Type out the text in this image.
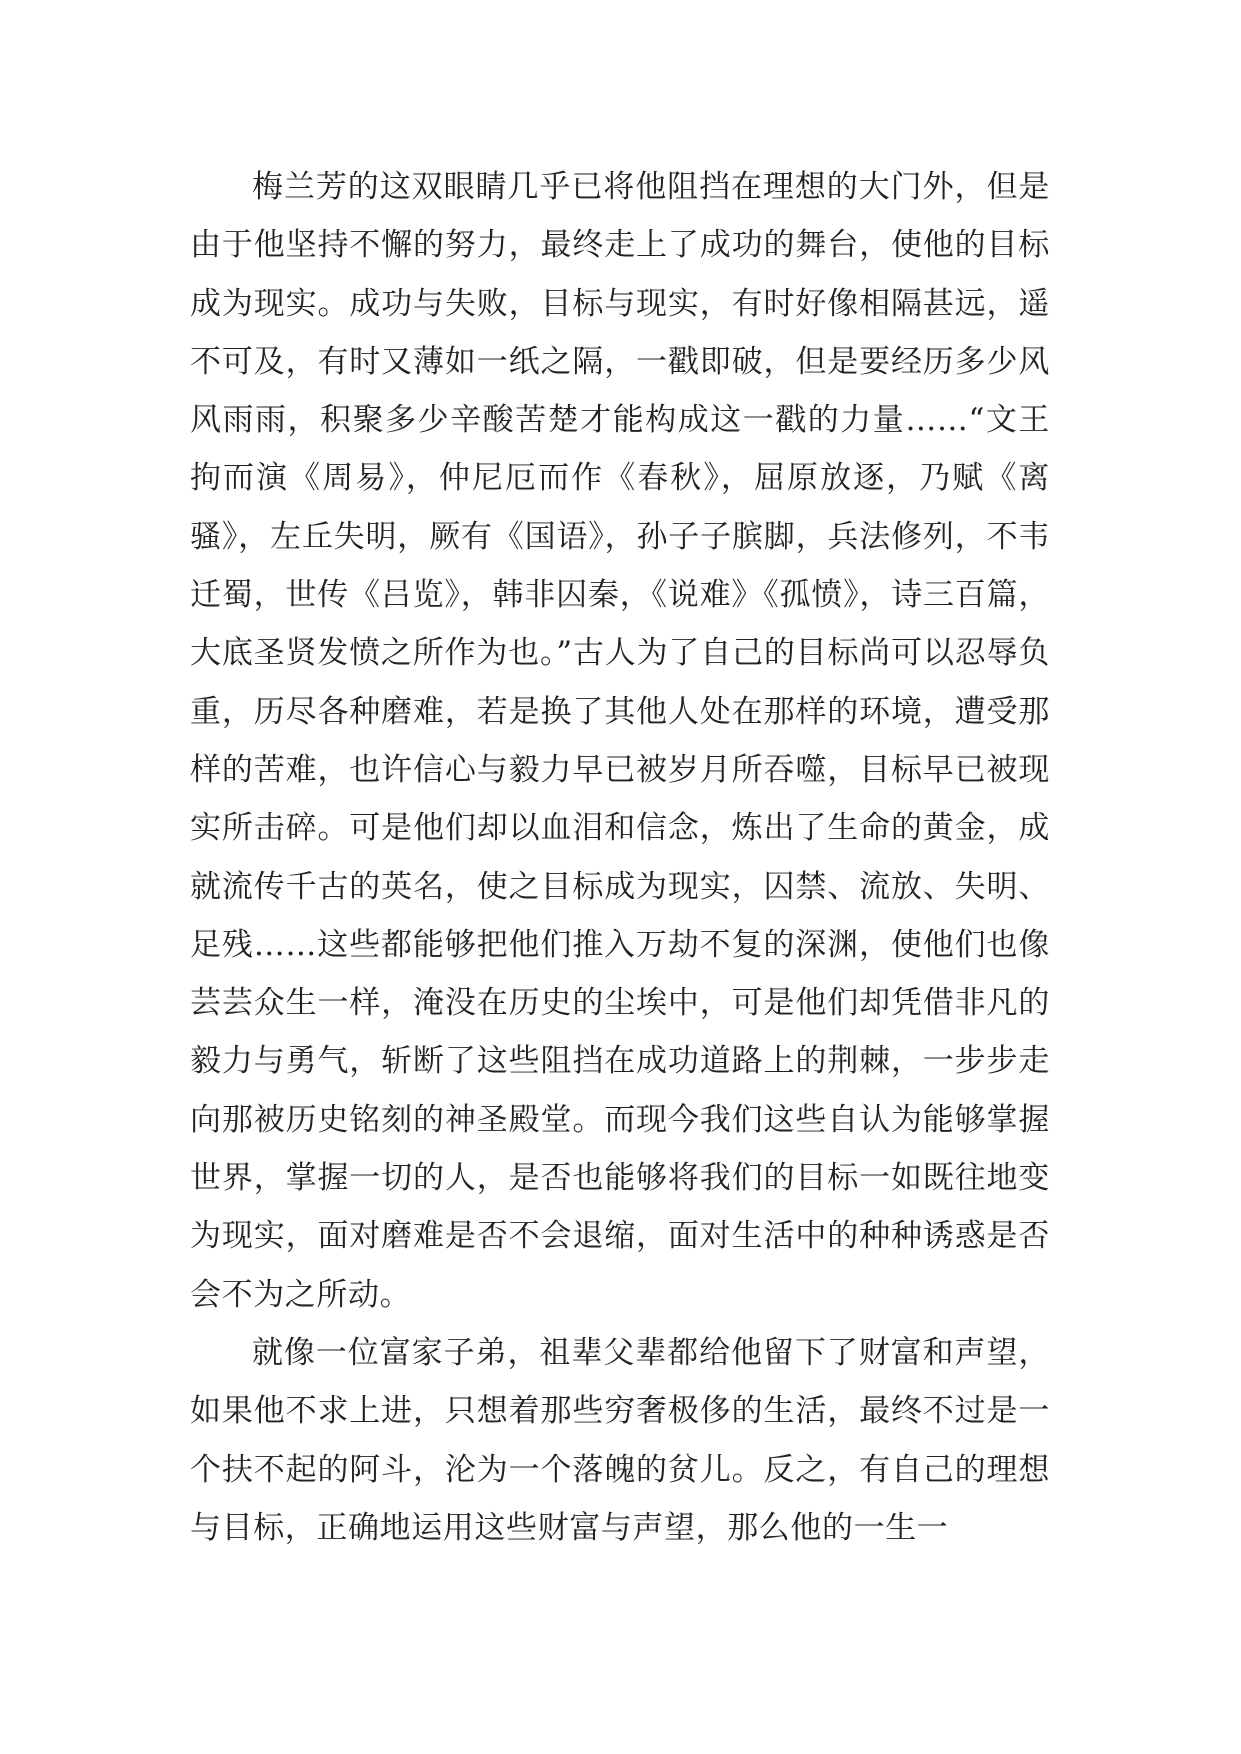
梅兰芳的这双眼睛几乎已将他阻挡在理想的大门外，但是由于他坚持不懈的努力，最终走上了成功的舞台，使他的目标成为现实。成功与失败，目标与现实，有时好像相隔甚远，遥不可及，有时又薄如一纸之隔，一戳即破，但是要经历多少风风雨雨，积聚多少辛酸苦楚才能构成这一戳的力量……“文王拘而演《周易》，仲尼厄而作《春秋》，屈原放逐，乃赋《离骚》，左丘失明，厥有《国语》，孙子子膑脚，兵法修列，不韦迁蜀，世传《吕览》，韩非囚秦，《说难》《孤愤》，诗三百篇，大底圣贤发愤之所作为也。”古人为了自己的目标尚可以忍辱负重，历尽各种磨难，若是换了其他人处在那样的环境，遭受那样的苦难，也许信心与毅力早已被岁月所吞噬，目标早已被现实所击碎。可是他们却以血泪和信念，炼出了生命的黄金，成就流传千古的英名，使之目标成为现实，囚禁、流放、失明、足残……这些都能够把他们推入万劫不复的深渊，使他们也像芸芸众生一样，淹没在历史的尘埃中，可是他们却凭借非凡的毅力与勇气，斩断了这些阻挡在成功道路上的荆棘，一步步走向那被历史铭刻的神圣殿堂。而现今我们这些自认为能够掌握世界，掌握一切的人，是否也能够将我们的目标一如既往地变为现实，面对磨难是否不会退缩，面对生活中的种种诱惑是否会不为之所动。

就像一位富家子弟，祖辈父辈都给他留下了财富和声望，如果他不求上进，只想着那些穷奢极侈的生活，最终不过是一个扶不起的阿斗，沦为一个落魄的贫儿。反之，有自己的理想与目标，正确地运用这些财富与声望，那么他的一生一
